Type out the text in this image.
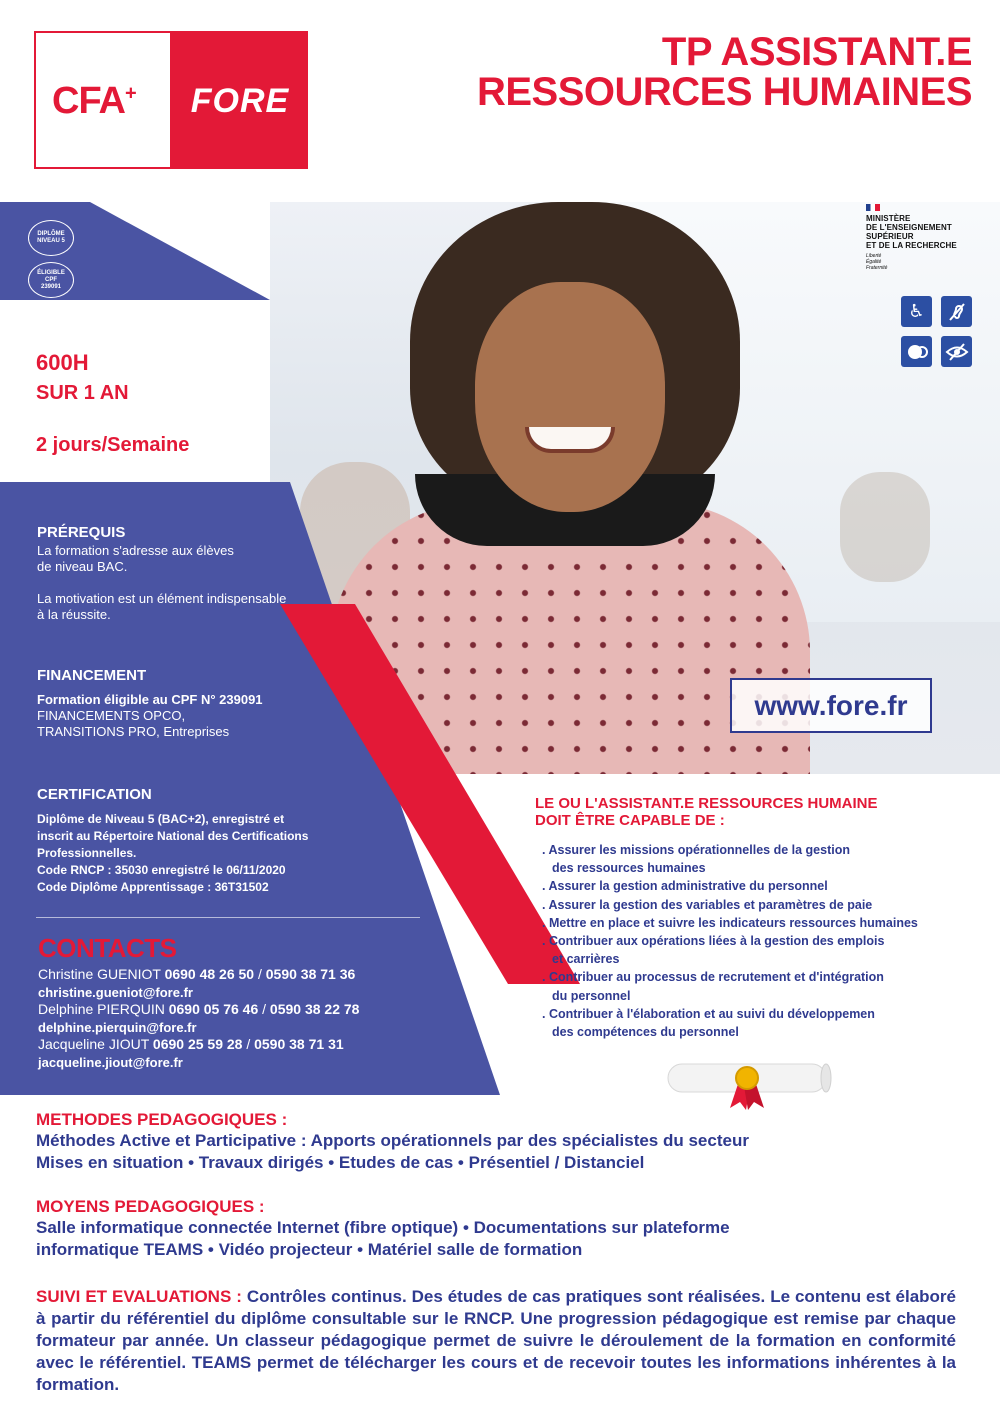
CFA+	FORE
TP ASSISTANT.E
RESSOURCES HUMAINES
MINISTÈRE
DE L'ENSEIGNEMENT
SUPÉRIEUR
ET DE LA RECHERCHE
Liberté
Égalité
Fraternité
♿
www.fore.fr
DIPLÔME
NIVEAU 5
ÉLIGIBLE
CPF
239091
600H
SUR 1 AN
2 jours/Semaine
PRÉREQUIS

La formation s'adresse aux élèves de niveau BAC.

La motivation est un élément indispensable à la réussite.

FINANCEMENT

Formation éligible au CPF N° 239091

FINANCEMENTS OPCO,

TRANSITIONS PRO, Entreprises

CERTIFICATION

Diplôme de Niveau 5 (BAC+2), enregistré et

inscrit au Répertoire National des Certifications

Professionnelles.

Code RNCP : 35030 enregistré le 06/11/2020

Code Diplôme Apprentissage : 36T31502

CONTACTS

Christine GUENIOT 0690 48 26 50 / 0590 38 71 36

christine.gueniot@fore.fr

Delphine PIERQUIN 0690 05 76 46 / 0590 38 22 78

delphine.pierquin@fore.fr

Jacqueline JIOUT 0690 25 59 28 / 0590 38 71 31

jacqueline.jiout@fore.fr

LE OU L'ASSISTANT.E RESSOURCES HUMAINE
DOIT ÊTRE CAPABLE DE :
. Assurer les missions opérationnelles de la gestion
des ressources humaines
. Assurer la gestion administrative du personnel
. Assurer la gestion des variables et paramètres de paie
. Mettre en place et suivre les indicateurs ressources humaines
. Contribuer aux opérations liées à la gestion des emplois
et carrières
. Contribuer au processus de recrutement et d'intégration
du personnel
. Contribuer à l'élaboration et au suivi du développemen
des compétences du personnel
METHODES PEDAGOGIQUES :

Méthodes Active et Participative : Apports opérationnels par des spécialistes du secteur

Mises en situation • Travaux dirigés • Etudes de cas • Présentiel / Distanciel

MOYENS PEDAGOGIQUES :

Salle informatique connectée Internet (fibre optique) • Documentations sur plateforme

informatique TEAMS • Vidéo projecteur • Matériel salle de formation

SUIVI ET EVALUATIONS : Contrôles continus. Des études de cas pratiques sont réalisées. Le contenu est élaboré à partir du référentiel du diplôme consultable sur le RNCP. Une progression pédagogique est remise par chaque formateur par année. Un classeur pédagogique permet de suivre le déroulement de la formation en conformité avec le référentiel. TEAMS permet de télécharger les cours et de recevoir toutes les informations inhérentes à la formation.
